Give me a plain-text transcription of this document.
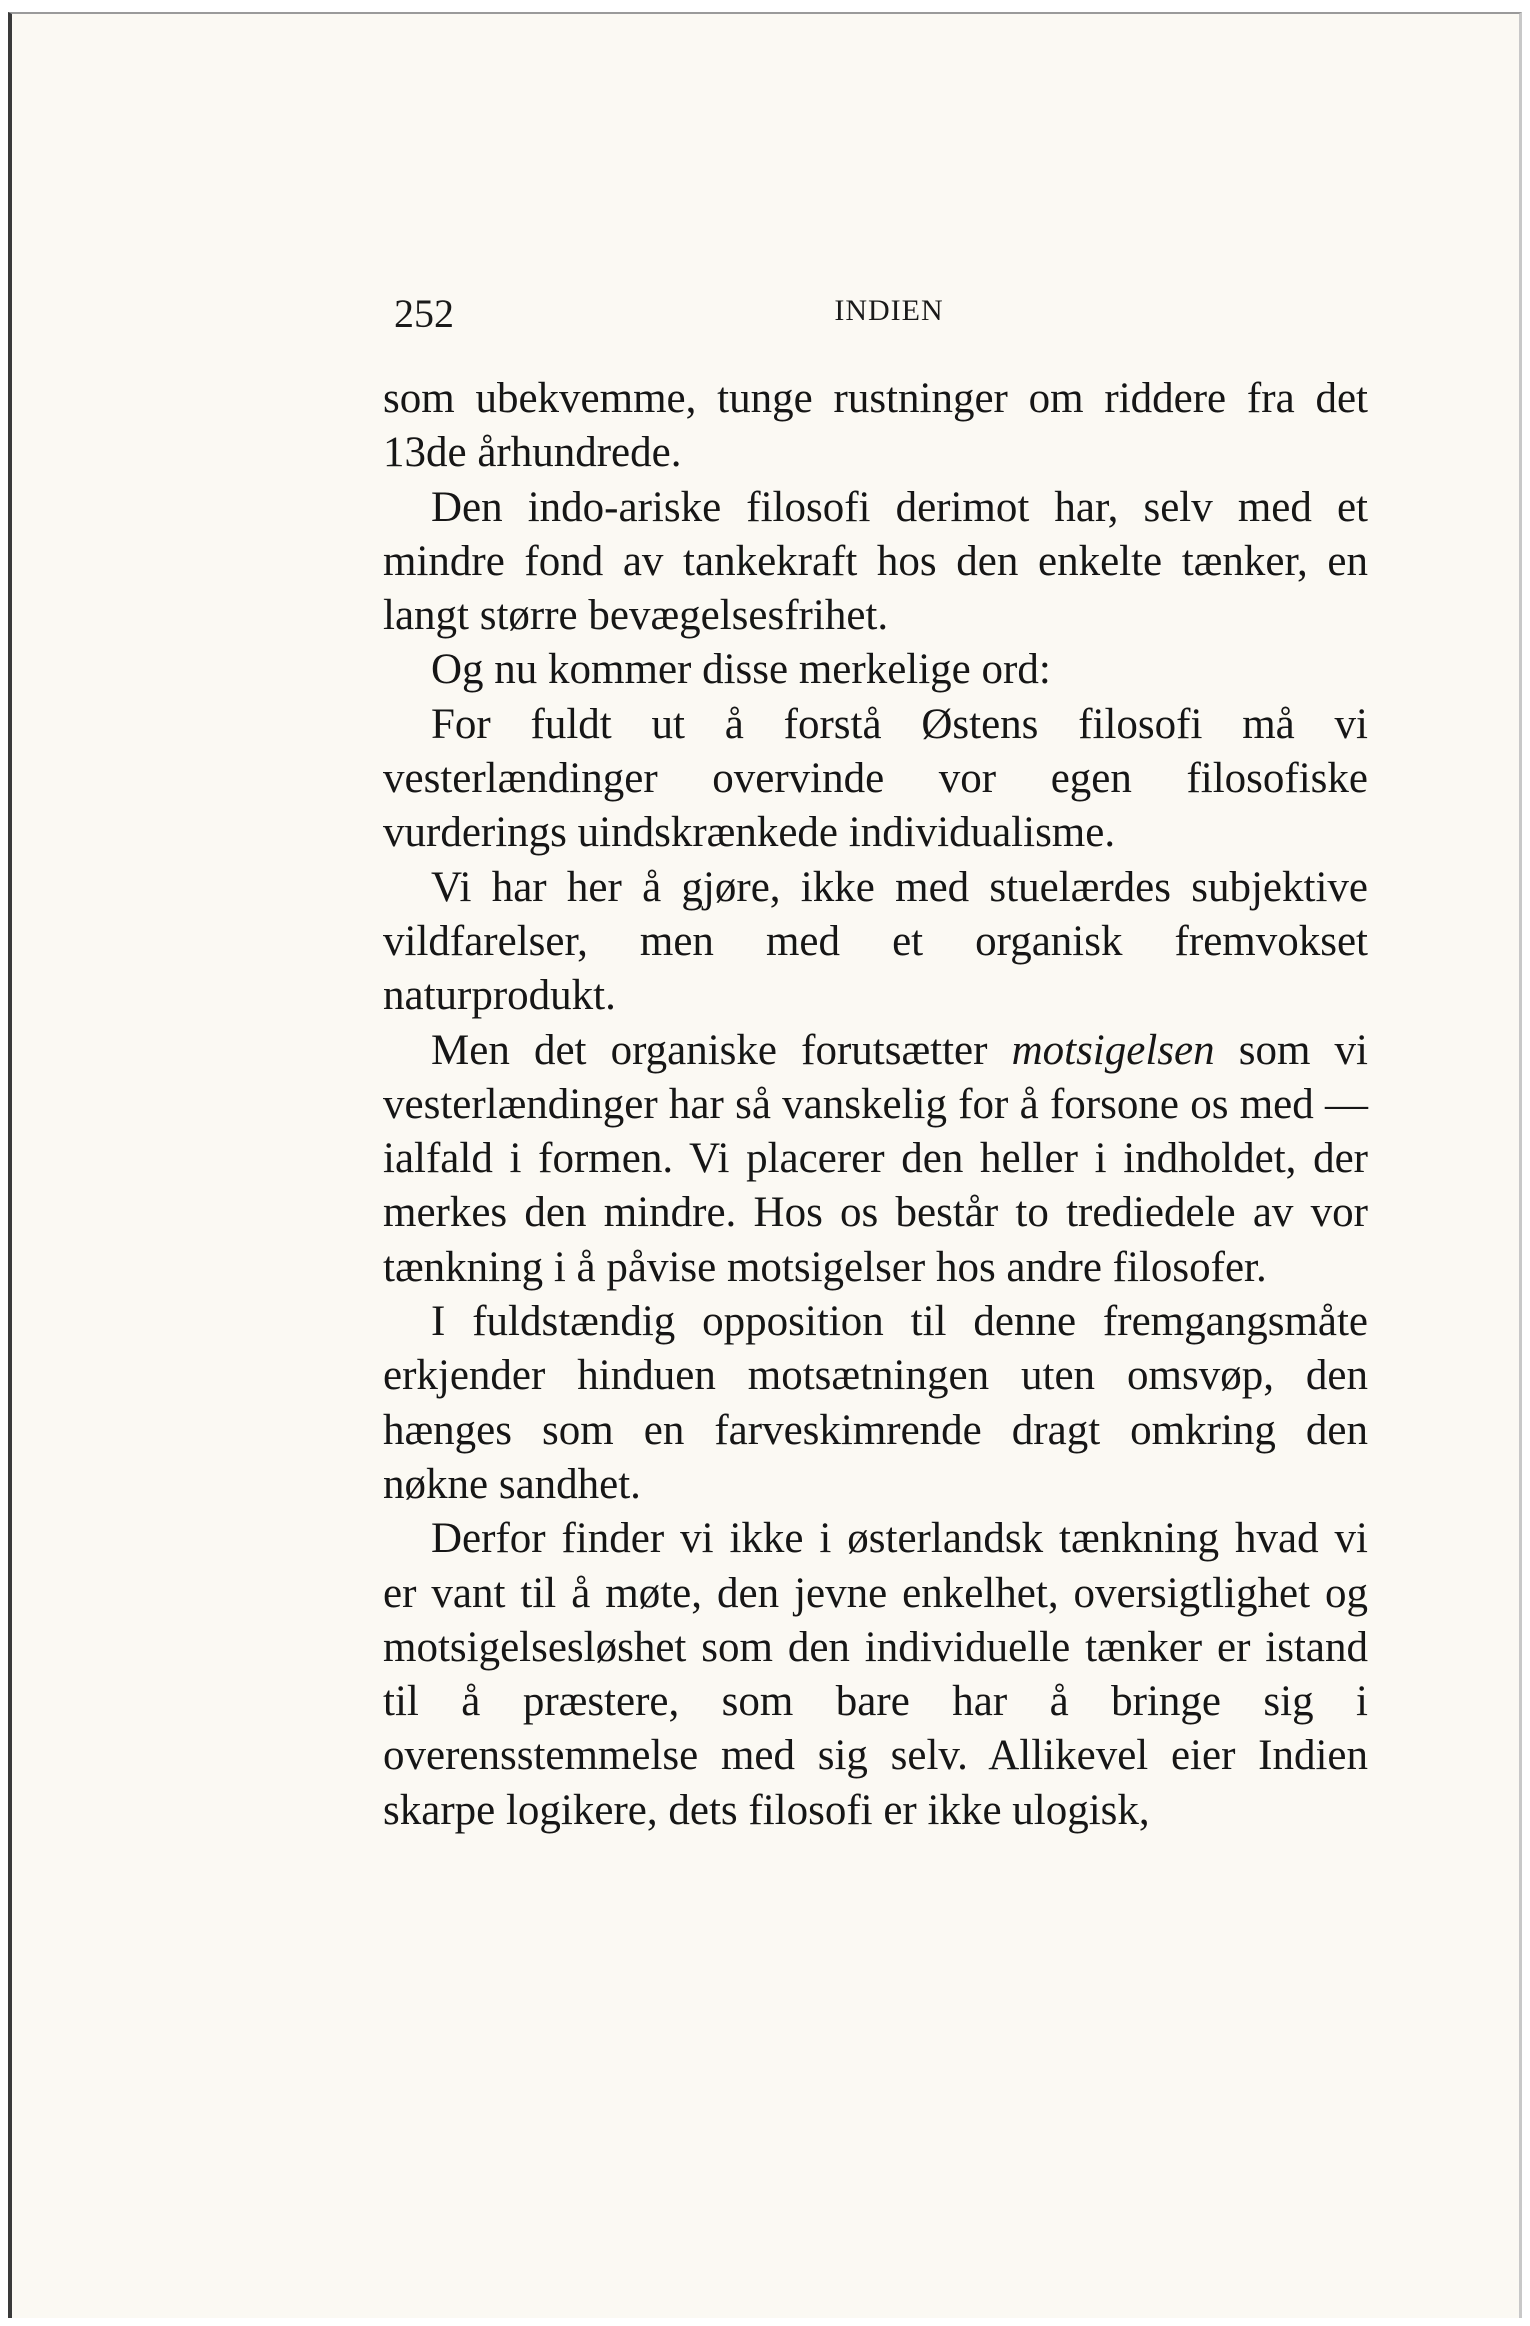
252	INDIEN

som ubekvemme, tunge rustninger om riddere fra det 13de århundrede.

Den indo-ariske filosofi derimot har, selv med et mindre fond av tankekraft hos den enkelte tænker, en langt større bevægelsesfrihet.

Og nu kommer disse merkelige ord:

For fuldt ut å forstå Østens filosofi må vi vesterlændinger overvinde vor egen filosofiske vurderings uindskrænkede individualisme.

Vi har her å gjøre, ikke med stuelærdes subjektive vildfarelser, men med et organisk fremvokset naturprodukt.

Men det organiske forutsætter motsigelsen som vi vesterlændinger har så vanskelig for å forsone os med — ialfald i formen. Vi placerer den heller i indholdet, der merkes den mindre. Hos os består to trediedele av vor tænkning i å påvise motsigelser hos andre filosofer.

I fuldstændig opposition til denne fremgangsmåte erkjender hinduen motsætningen uten omsvøp, den hænges som en farveskimrende dragt omkring den nøkne sandhet.

Derfor finder vi ikke i østerlandsk tænkning hvad vi er vant til å møte, den jevne enkelhet, oversigtlighet og motsigelsesløshet som den individuelle tænker er istand til å præstere, som bare har å bringe sig i overensstemmelse med sig selv. Allikevel eier Indien skarpe logikere, dets filosofi er ikke ulogisk,
